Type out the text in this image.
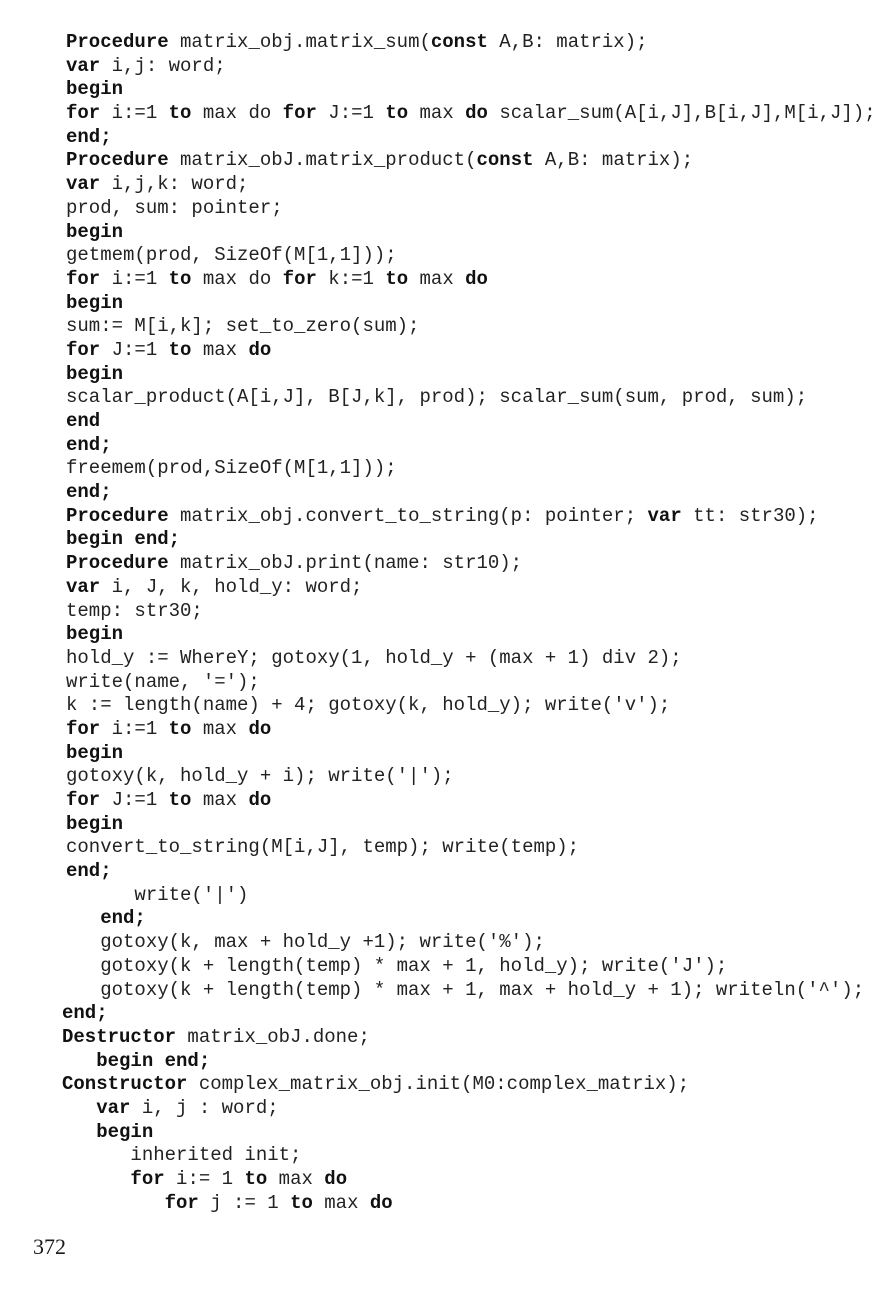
Procedure matrix_obj.matrix_sum(const A,B: matrix);
var i,j: word;
begin
for i:=1 to max do for J:=1 to max do scalar_sum(A[i,J],B[i,J],M[i,J]);
end;
Procedure matrix_obJ.matrix_product(const A,B: matrix);
var i,j,k: word;
prod, sum: pointer;
begin
getmem(prod, SizeOf(M[1,1]));
for i:=1 to max do for k:=1 to max do
begin
sum:= M[i,k]; set_to_zero(sum);
for J:=1 to max do
begin
scalar_product(A[i,J], B[J,k], prod); scalar_sum(sum, prod, sum);
end
end;
freemem(prod,SizeOf(M[1,1]));
end;
Procedure matrix_obj.convert_to_string(p: pointer; var tt: str30);
begin end;
Procedure matrix_obJ.print(name: str10);
var i, J, k, hold_y: word;
temp: str30;
begin
hold_y := WhereY; gotoxy(1, hold_y + (max + 1) div 2);
write(name, '=');
k := length(name) + 4; gotoxy(k, hold_y); write('v');
for i:=1 to max do
begin
gotoxy(k, hold_y + i); write('|');
for J:=1 to max do
begin
convert_to_string(M[i,J], temp); write(temp);
end;
write('|')
end;
gotoxy(k, max + hold_y +1); write('%');
gotoxy(k + length(temp) * max + 1, hold_y); write('J');
gotoxy(k + length(temp) * max + 1, max + hold_y + 1); writeln('^');
end;
Destructor matrix_obJ.done;
begin end;
Constructor complex_matrix_obj.init(M0:complex_matrix);
var i, j : word;
begin
inherited init;
for i:= 1 to max do
for j := 1 to max do
372
